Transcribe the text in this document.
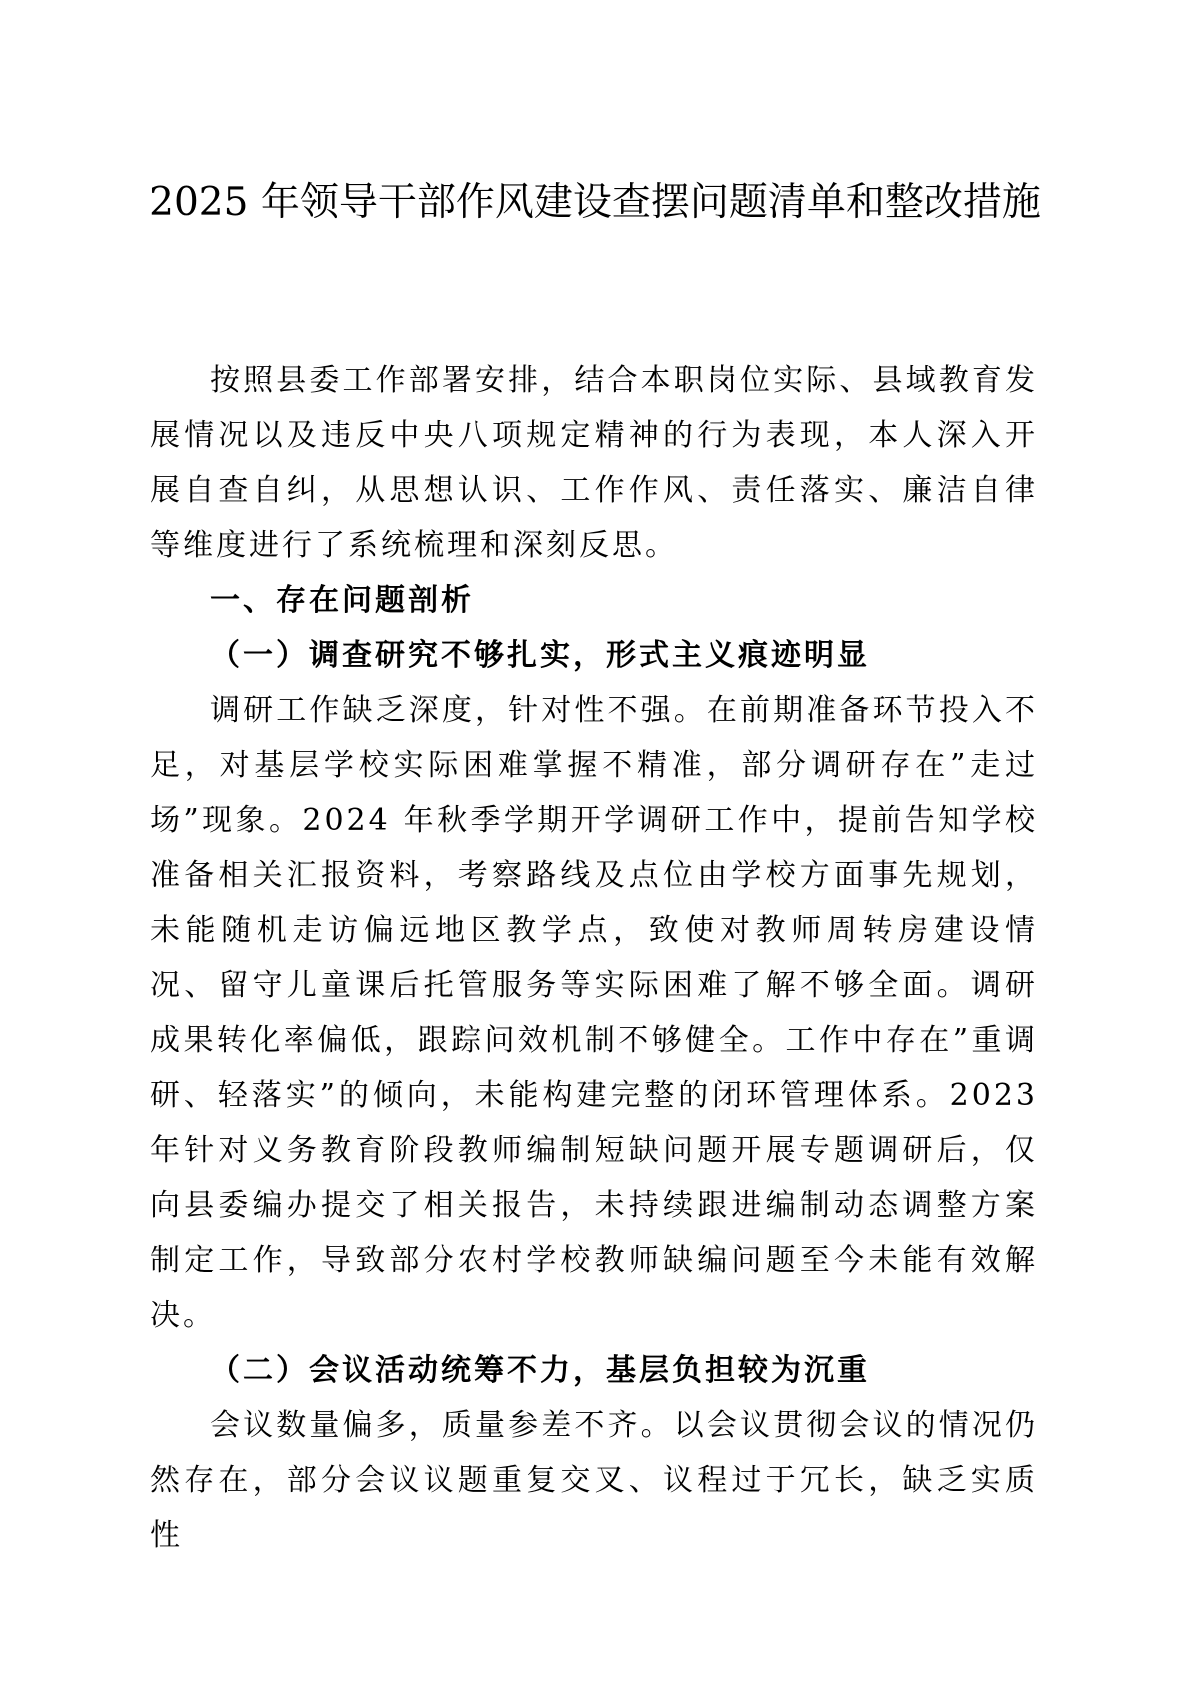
2025 年领导干部作风建设查摆问题清单和整改措施

按照县委工作部署安排，结合本职岗位实际、县域教育发展情况以及违反中央八项规定精神的行为表现，本人深入开展自查自纠，从思想认识、工作作风、责任落实、廉洁自律等维度进行了系统梳理和深刻反思。

一、存在问题剖析

（一）调查研究不够扎实，形式主义痕迹明显

调研工作缺乏深度，针对性不强。在前期准备环节投入不足，对基层学校实际困难掌握不精准，部分调研存在”走过场”现象。2024 年秋季学期开学调研工作中，提前告知学校准备相关汇报资料，考察路线及点位由学校方面事先规划，未能随机走访偏远地区教学点，致使对教师周转房建设情况、留守儿童课后托管服务等实际困难了解不够全面。调研成果转化率偏低，跟踪问效机制不够健全。工作中存在”重调研、轻落实”的倾向，未能构建完整的闭环管理体系。2023 年针对义务教育阶段教师编制短缺问题开展专题调研后，仅向县委编办提交了相关报告，未持续跟进编制动态调整方案制定工作，导致部分农村学校教师缺编问题至今未能有效解决。

（二）会议活动统筹不力，基层负担较为沉重

会议数量偏多，质量参差不齐。以会议贯彻会议的情况仍然存在，部分会议议题重复交叉、议程过于冗长，缺乏实质性
